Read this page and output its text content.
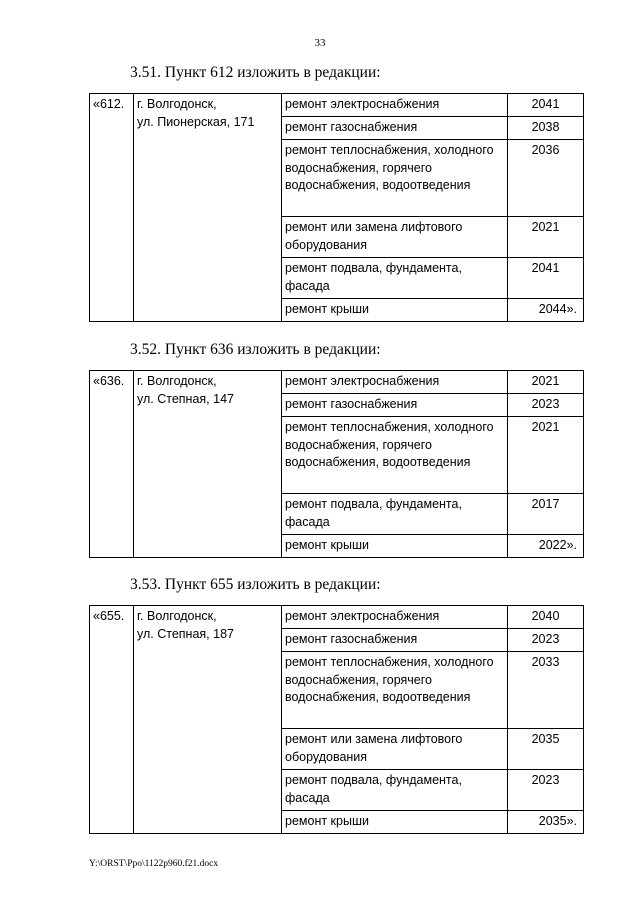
33
3.51. Пункт 612 изложить в редакции:
«612.	г. Волгодонск,
ул. Пионерская, 171	ремонт электроснабжения	2041
		ремонт газоснабжения	2038
		ремонт теплоснабжения, холодного водоснабжения, горячего водоснабжения, водоотведения	2036
		ремонт или замена лифтового оборудования	2021
		ремонт подвала, фундамента, фасада	2041
		ремонт крыши	2044».
3.52. Пункт 636 изложить в редакции:
«636.	г. Волгодонск,
ул. Степная, 147	ремонт электроснабжения	2021
		ремонт газоснабжения	2023
		ремонт теплоснабжения, холодного водоснабжения, горячего водоснабжения, водоотведения	2021
		ремонт подвала, фундамента, фасада	2017
		ремонт крыши	2022».
3.53. Пункт 655 изложить в редакции:
«655.	г. Волгодонск,
ул. Степная, 187	ремонт электроснабжения	2040
		ремонт газоснабжения	2023
		ремонт теплоснабжения, холодного водоснабжения, горячего водоснабжения, водоотведения	2033
		ремонт или замена лифтового оборудования	2035
		ремонт подвала, фундамента, фасада	2023
		ремонт крыши	2035».
Y:\ORST\Ppo\1122p960.f21.docx
